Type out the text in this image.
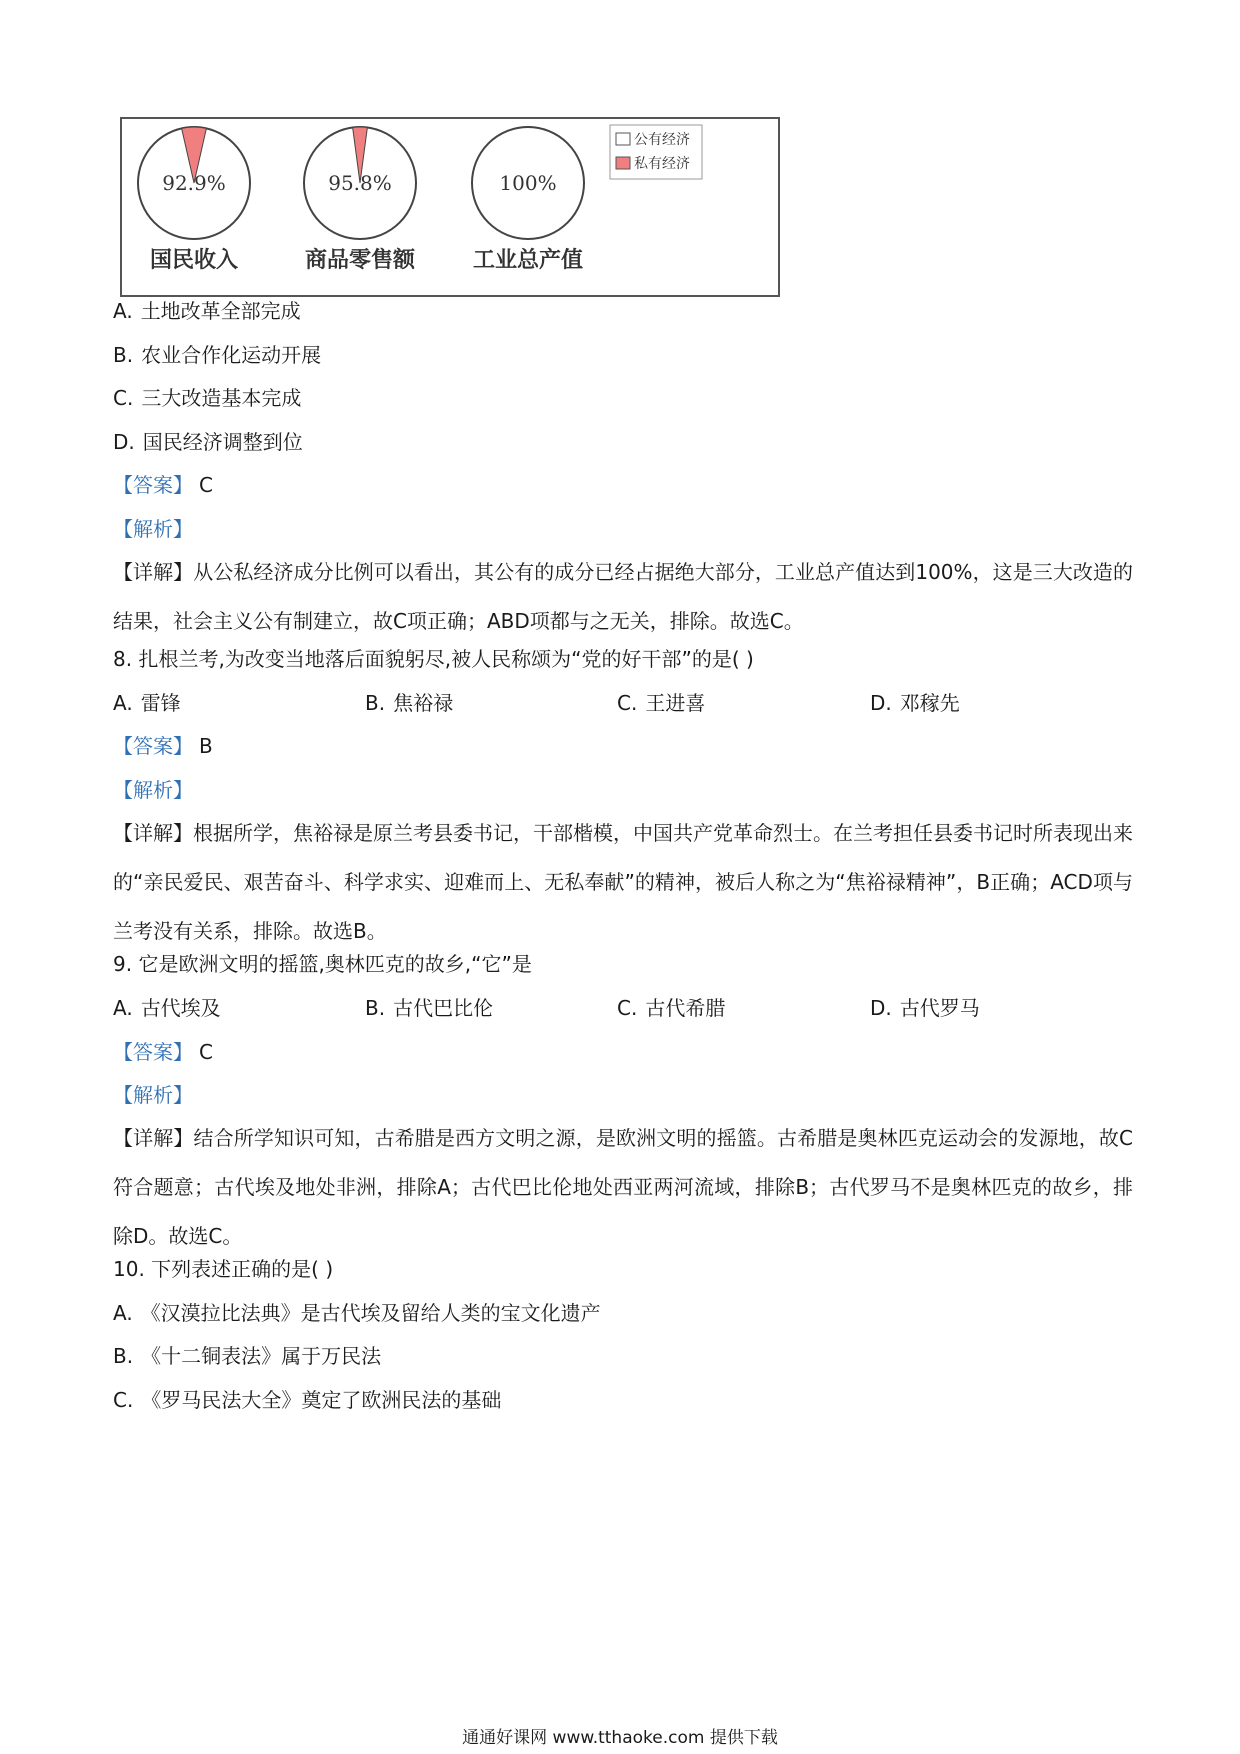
92.9%
国民收入
95.8%
商品零售额
100%
工业总产值
公有经济
私有经济
A. 土地改革全部完成
B. 农业合作化运动开展
C. 三大改造基本完成
D. 国民经济调整到位
【答案】 C
【解析】
【详解】从公私经济成分比例可以看出，其公有的成分已经占据绝大部分，工业总产值达到100%，这是三大改造的结果，社会主义公有制建立，故C项正确；ABD项都与之无关，排除。故选C。
8. 扎根兰考,为改变当地落后面貌躬尽,被人民称颂为“党的好干部”的是( )
A. 雷锋	B. 焦裕禄	C. 王进喜	D. 邓稼先
【答案】 B
【解析】
【详解】根据所学，焦裕禄是原兰考县委书记，干部楷模，中国共产党革命烈士。在兰考担任县委书记时所表现出来的“亲民爱民、艰苦奋斗、科学求实、迎难而上、无私奉献”的精神，被后人称之为“焦裕禄精神”，B正确；ACD项与兰考没有关系，排除。故选B。
9. 它是欧洲文明的摇篮,奥林匹克的故乡,“它”是
A. 古代埃及	B. 古代巴比伦	C. 古代希腊	D. 古代罗马
【答案】 C
【解析】
【详解】结合所学知识可知，古希腊是西方文明之源，是欧洲文明的摇篮。古希腊是奥林匹克运动会的发源地，故C符合题意；古代埃及地处非洲，排除A；古代巴比伦地处西亚两河流域，排除B；古代罗马不是奥林匹克的故乡，排除D。故选C。
10. 下列表述正确的是( )
A. 《汉漠拉比法典》是古代埃及留给人类的宝文化遗产
B. 《十二铜表法》属于万民法
C. 《罗马民法大全》奠定了欧洲民法的基础
通通好课网 www.tthaoke.com 提供下载
